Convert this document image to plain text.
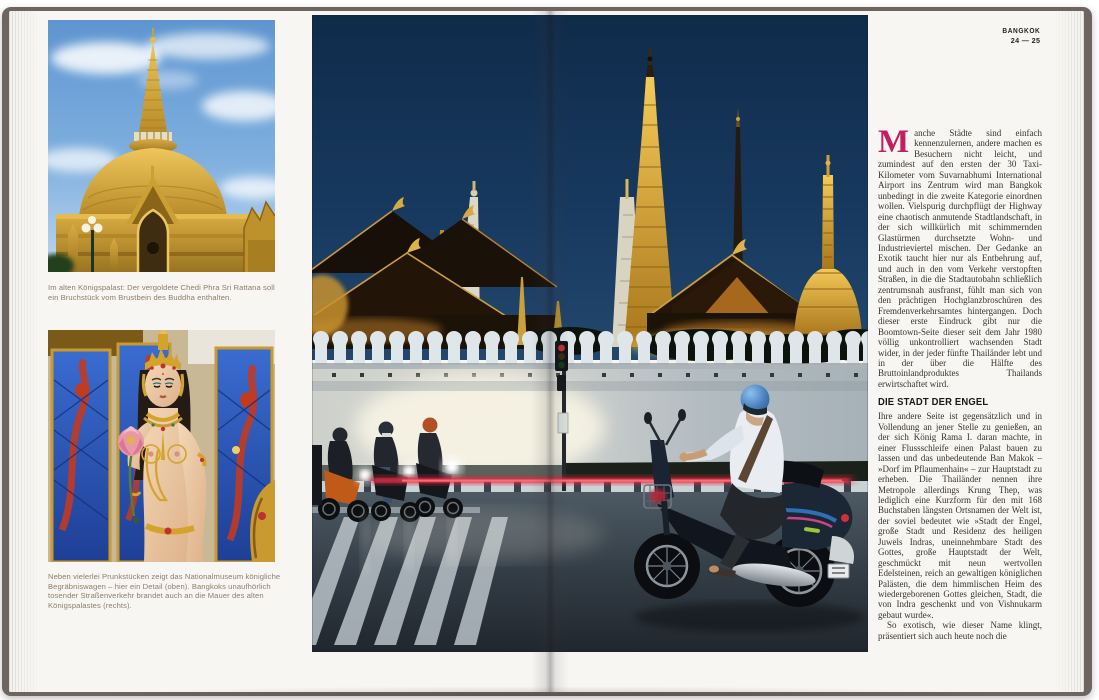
Im alten Königspalast: Der vergoldete Chedi Phra Sri Rattana soll ein Bruchstück vom Brustbein des Buddha enthalten.

Neben vielerlei Prunkstücken zeigt das Nationalmuseum königliche Begräbniswagen – hier ein Detail (oben). Bangkoks unaufhörlich tosender Straßenverkehr brandet auch an die Mauer des alten Königspalastes (rechts).

BANGKOK
24 — 25

Manche Städte sind einfach kennenzulernen, andere machen es Besuchern nicht leicht, und zumindest auf den ersten der 30 Taxi-Kilometer vom Suvarnabhumi International Airport ins Zentrum wird man Bangkok unbedingt in die zweite Kategorie einordnen wollen. Vielspurig durchpflügt der Highway eine chaotisch anmutende Stadtlandschaft, in der sich willkürlich mit schimmernden Glastürmen durchsetzte Wohn- und Industrieviertel mischen. Der Gedanke an Exotik taucht hier nur als Entbehrung auf, und auch in den vom Verkehr verstopften Straßen, in die die Stadtautobahn schließlich zentrumsnah ausfranst, fühlt man sich von den prächtigen Hochglanzbroschüren des Fremdenverkehrsamtes hintergangen. Doch dieser erste Eindruck gibt nur die Boomtown-Seite dieser seit dem Jahr 1980 völlig unkontrolliert wachsenden Stadt wider, in der jeder fünfte Thailänder lebt und in der über die Hälfte des Bruttoinlandproduktes Thailands erwirtschaftet wird.

DIE STADT DER ENGEL

Ihre andere Seite ist gegensätzlich und in Vollendung an jener Stelle zu genießen, an der sich König Rama I. daran machte, in einer Flussschleife einen Palast bauen zu lassen und das unbedeutende Ban Makok – »Dorf im Pflaumenhain« – zur Hauptstadt zu erheben. Die Thailänder nennen ihre Metropole allerdings Krung Thep, was lediglich eine Kurzform für den mit 168 Buchstaben längsten Ortsnamen der Welt ist, der soviel bedeutet wie »Stadt der Engel, große Stadt und Residenz des heiligen Juwels Indras, uneinnehmbare Stadt des Gottes, große Hauptstadt der Welt, geschmückt mit neun wertvollen Edelsteinen, reich an gewaltigen königlichen Palästen, die dem himmlischen Heim des wiedergeborenen Gottes gleichen, Stadt, die von Indra geschenkt und von Vishnukarm gebaut wurde«.

So exotisch, wie dieser Name klingt, präsentiert sich auch heute noch die
